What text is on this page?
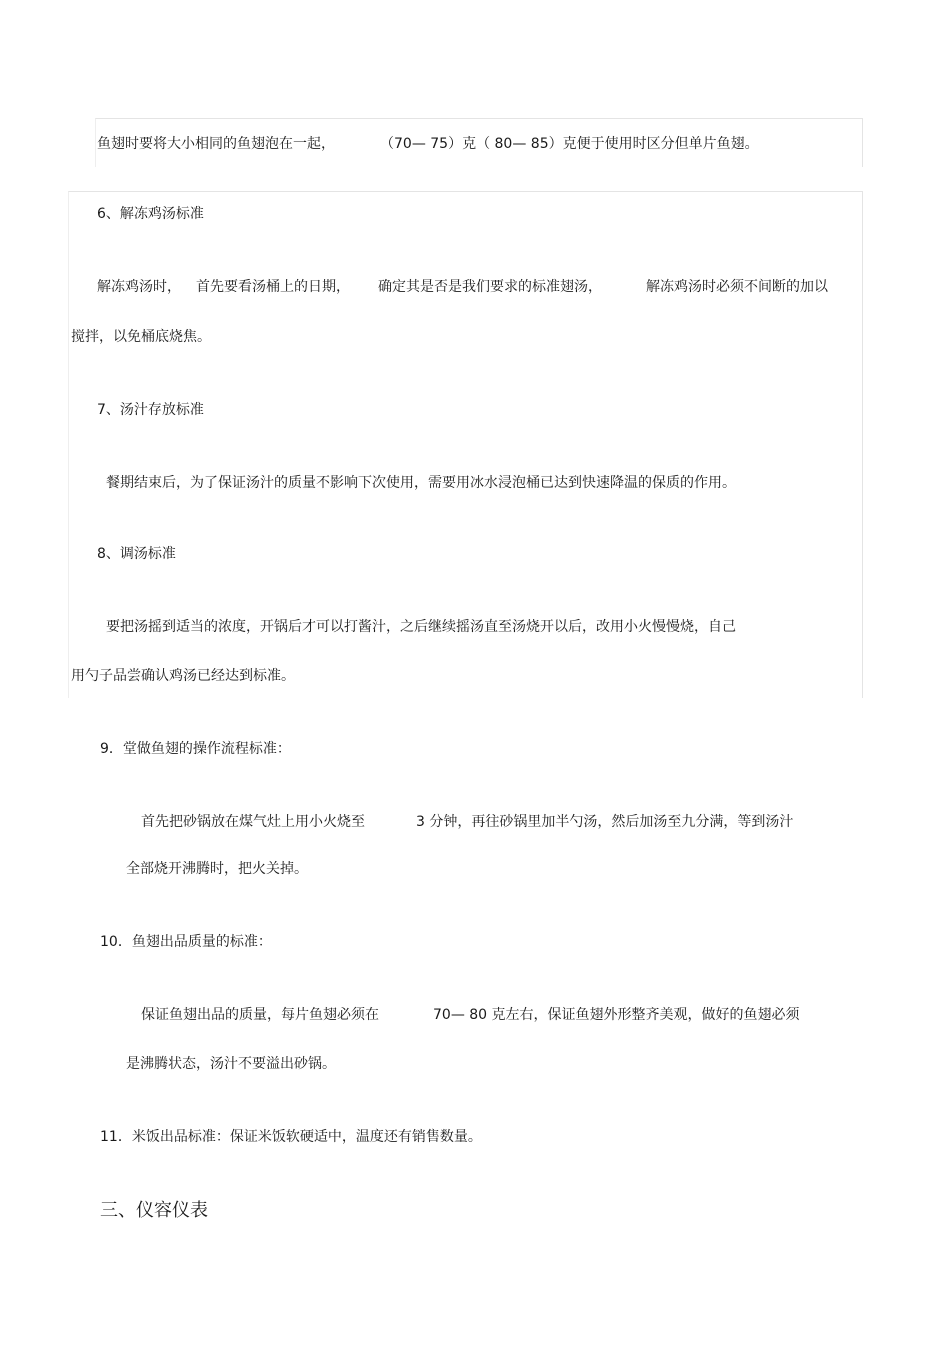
鱼翅时要将大小相同的鱼翅泡在一起，	（70— 75）克（ 80— 85）克便于使用时区分但单片鱼翅。
6、解冻鸡汤标准
解冻鸡汤时， 首先要看汤桶上的日期， 确定其是否是我们要求的标准翅汤，	解冻鸡汤时必须不间断的加以
搅拌，以免桶底烧焦。
7、汤汁存放标准
餐期结束后，为了保证汤汁的质量不影响下次使用，需要用冰水浸泡桶已达到快速降温的保质的作用。
8、调汤标准
要把汤摇到适当的浓度，开锅后才可以打酱汁，之后继续摇汤直至汤烧开以后，改用小火慢慢烧，自己
用勺子品尝确认鸡汤已经达到标准。
9．堂做鱼翅的操作流程标准：
首先把砂锅放在煤气灶上用小火烧至	3 分钟，再往砂锅里加半勺汤，然后加汤至九分满，等到汤汁
全部烧开沸腾时，把火关掉。
10．鱼翅出品质量的标准：
保证鱼翅出品的质量，每片鱼翅必须在	70— 80 克左右，保证鱼翅外形整齐美观，做好的鱼翅必须
是沸腾状态，汤汁不要溢出砂锅。
11．米饭出品标准：保证米饭软硬适中，温度还有销售数量。
三、仪容仪表
